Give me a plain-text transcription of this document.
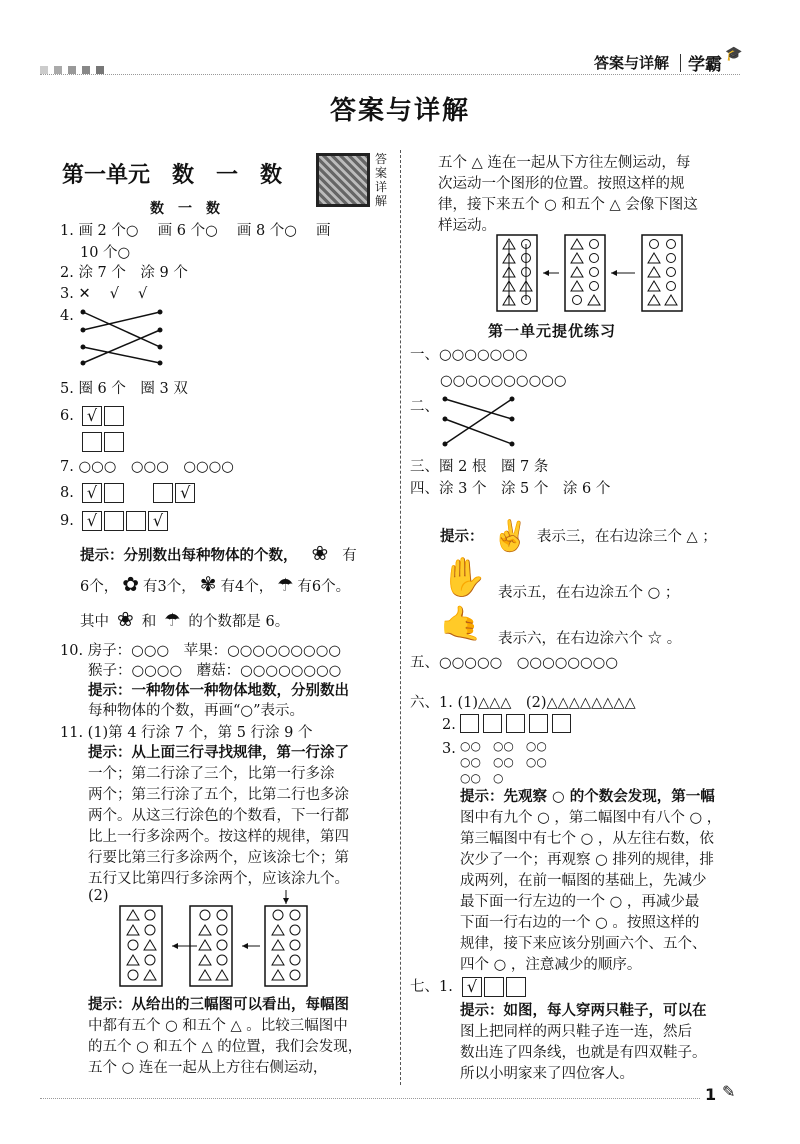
答案与详解 学霸
🎓
答案与详解
第一单元　数　一　数
答案详解
数　一　数
1. 画 2 个○　 画 6 个○　 画 8 个○　 画
10 个○
2. 涂 7 个　涂 9 个
3. ✕　 √　 √
4.
5. 圈 6 个　圈 3 双
6. √
7. ○○○　○○○　○○○○
8. √	√
9. √	√
提示：分别数出每种物体的个数， ❀ 有
6个， ✿ 有3个， ✾ 有4个， ☂ 有6个。
其中 ❀ 和 ☂ 的个数都是 6。
10. 房子：○○○　苹果：○○○○○○○○○
猴子：○○○○　蘑菇：○○○○○○○○
提示：一种物体一种物体地数，分别数出
每种物体的个数，再画“○”表示。
11. (1)第 4 行涂 7 个，第 5 行涂 9 个
提示：从上面三行寻找规律，第一行涂了
一个；第二行涂了三个，比第一行多涂
两个；第三行涂了五个，比第二行也多涂
两个。从这三行涂色的个数看，下一行都
比上一行多涂两个。按这样的规律，第四
行要比第三行多涂两个，应该涂七个；第
五行又比第四行多涂两个，应该涂九个。
(2)
提示：从给出的三幅图可以看出，每幅图
中都有五个 ○ 和五个 △ 。比较三幅图中
的五个 ○ 和五个 △ 的位置，我们会发现，
五个 ○ 连在一起从上方往右侧运动，
五个 △ 连在一起从下方往左侧运动，每
次运动一个图形的位置。按照这样的规
律，接下来五个 ○ 和五个 △ 会像下图这
样运动。
第一单元提优练习
一、○○○○○○○
○○○○○○○○○○
二、
三、圈 2 根　圈 7 条
四、涂 3 个　涂 5 个　涂 6 个
提示： ✌ 表示三，在右边涂三个 △ ；
✋ 表示五，在右边涂五个 ○ ；
🤙 表示六，在右边涂六个 ☆ 。
五、○○○○○　○○○○○○○○
六、1. (1)△△△　(2)△△△△△△△△
2.
3. ○○　○○　○○
○○　○○　○○
○○　○
提示：先观察 ○ 的个数会发现，第一幅
图中有九个 ○ ，第二幅图中有八个 ○ ，
第三幅图中有七个 ○ ，从左往右数，依
次少了一个；再观察 ○ 排列的规律，排
成两列，在前一幅图的基础上，先减少
最下面一行左边的一个 ○ ，再减少最
下面一行右边的一个 ○ 。按照这样的
规律，接下来应该分别画六个、五个、
四个 ○ ，注意减少的顺序。
七、1. √
提示：如图，每人穿两只鞋子，可以在
图上把同样的两只鞋子连一连，然后
数出连了四条线，也就是有四双鞋子。
所以小明家来了四位客人。
1 ✎
